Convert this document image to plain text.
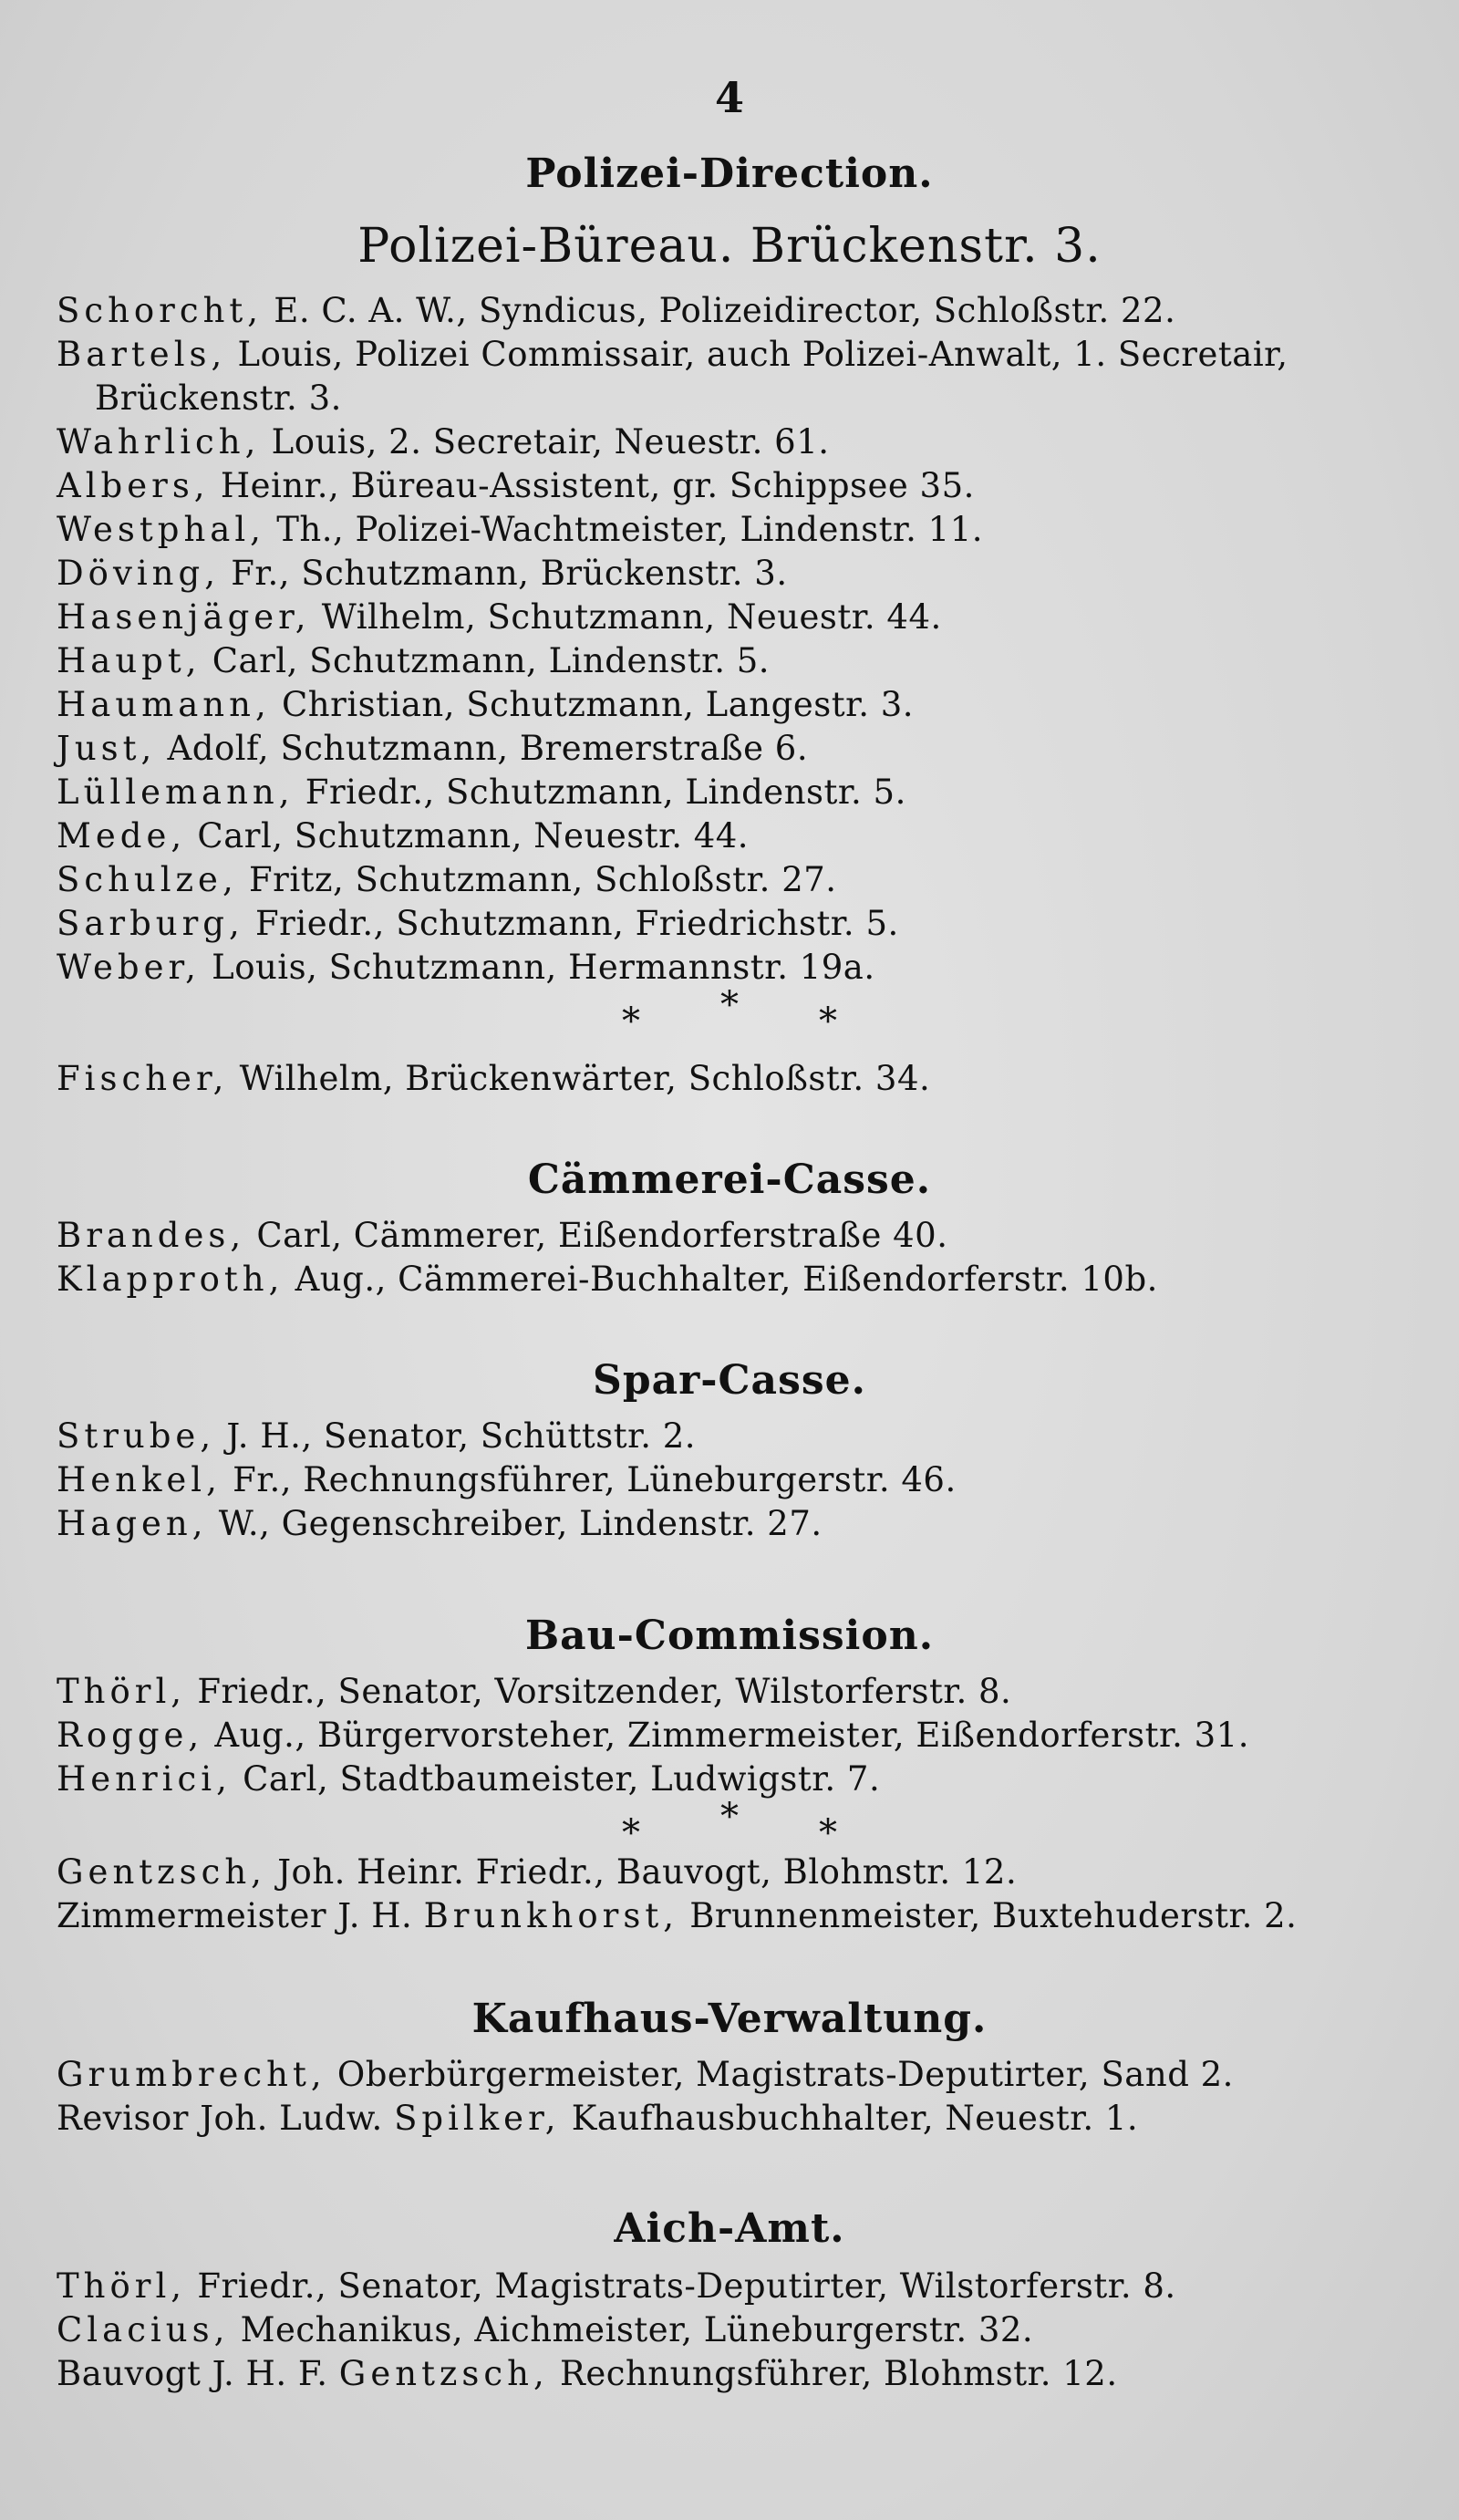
4
Polizei-Direction.
Polizei-Büreau. Brückenstr. 3.
Schorcht, E. C. A. W., Syndicus, Polizeidirector, Schloßstr. 22.
Bartels, Louis, Polizei Commissair, auch Polizei-Anwalt, 1. Secretair,
Brückenstr. 3.
Wahrlich, Louis, 2. Secretair, Neuestr. 61.
Albers, Heinr., Büreau-Assistent, gr. Schippsee 35.
Westphal, Th., Polizei-Wachtmeister, Lindenstr. 11.
Döving, Fr., Schutzmann, Brückenstr. 3.
Hasenjäger, Wilhelm, Schutzmann, Neuestr. 44.
Haupt, Carl, Schutzmann, Lindenstr. 5.
Haumann, Christian, Schutzmann, Langestr. 3.
Just, Adolf, Schutzmann, Bremerstraße 6.
Lüllemann, Friedr., Schutzmann, Lindenstr. 5.
Mede, Carl, Schutzmann, Neuestr. 44.
Schulze, Fritz, Schutzmann, Schloßstr. 27.
Sarburg, Friedr., Schutzmann, Friedrichstr. 5.
Weber, Louis, Schutzmann, Hermannstr. 19a.
* * *
Fischer, Wilhelm, Brückenwärter, Schloßstr. 34.
Cämmerei-Casse.
Brandes, Carl, Cämmerer, Eißendorferstraße 40.
Klapproth, Aug., Cämmerei-Buchhalter, Eißendorferstr. 10b.
Spar-Casse.
Strube, J. H., Senator, Schüttstr. 2.
Henkel, Fr., Rechnungsführer, Lüneburgerstr. 46.
Hagen, W., Gegenschreiber, Lindenstr. 27.
Bau-Commission.
Thörl, Friedr., Senator, Vorsitzender, Wilstorferstr. 8.
Rogge, Aug., Bürgervorsteher, Zimmermeister, Eißendorferstr. 31.
Henrici, Carl, Stadtbaumeister, Ludwigstr. 7.
* * *
Gentzsch, Joh. Heinr. Friedr., Bauvogt, Blohmstr. 12.
Zimmermeister J. H. Brunkhorst, Brunnenmeister, Buxtehuderstr. 2.
Kaufhaus-Verwaltung.
Grumbrecht, Oberbürgermeister, Magistrats-Deputirter, Sand 2.
Revisor Joh. Ludw. Spilker, Kaufhausbuchhalter, Neuestr. 1.
Aich-Amt.
Thörl, Friedr., Senator, Magistrats-Deputirter, Wilstorferstr. 8.
Clacius, Mechanikus, Aichmeister, Lüneburgerstr. 32.
Bauvogt J. H. F. Gentzsch, Rechnungsführer, Blohmstr. 12.
